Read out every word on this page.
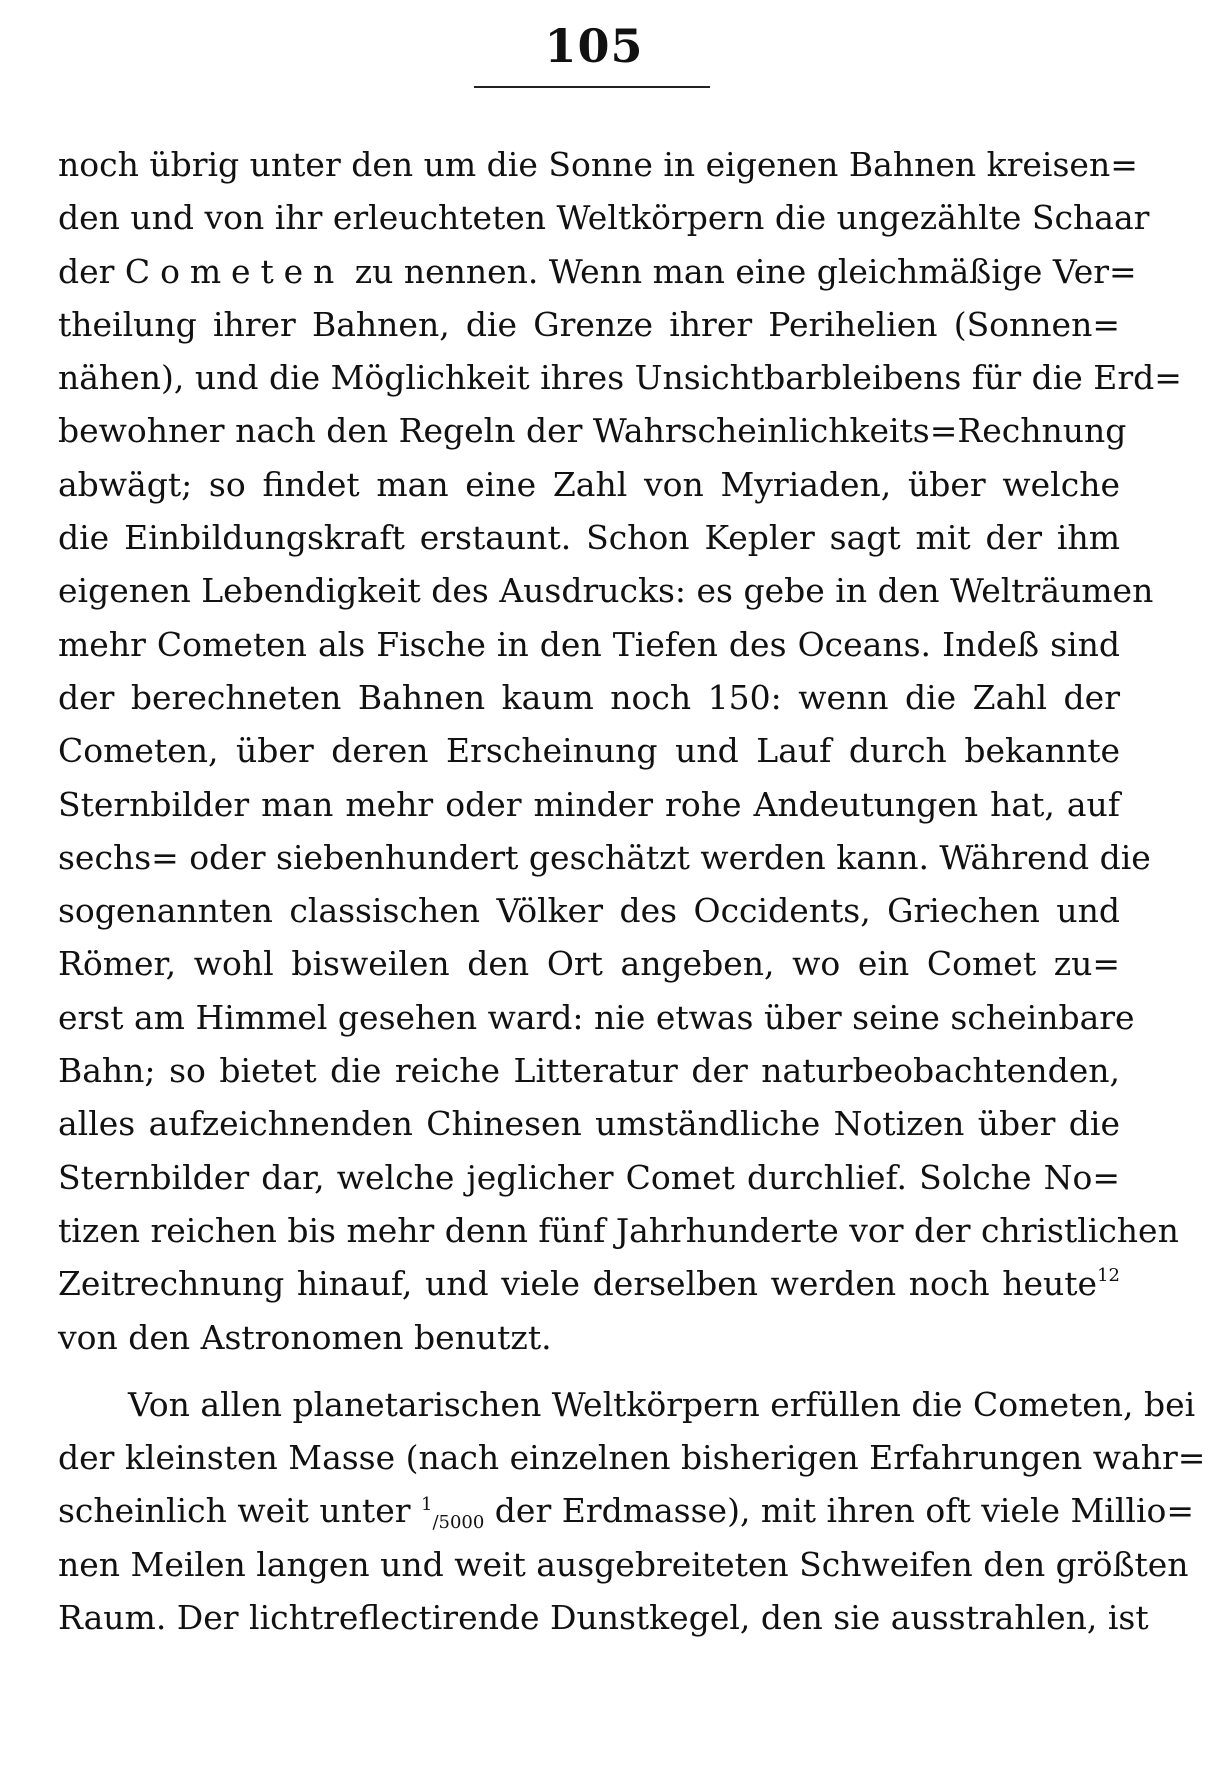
105
noch übrig unter den um die Sonne in eigenen Bahnen kreisen=
den und von ihr erleuchteten Weltkörpern die ungezählte Schaar
der Cometen zu nennen. Wenn man eine gleichmäßige Ver=
theilung ihrer Bahnen, die Grenze ihrer Perihelien (Sonnen=
nähen), und die Möglichkeit ihres Unsichtbarbleibens für die Erd=
bewohner nach den Regeln der Wahrscheinlichkeits=Rechnung
abwägt; so findet man eine Zahl von Myriaden, über welche
die Einbildungskraft erstaunt. Schon Kepler sagt mit der ihm
eigenen Lebendigkeit des Ausdrucks: es gebe in den Welträumen
mehr Cometen als Fische in den Tiefen des Oceans. Indeß sind
der berechneten Bahnen kaum noch 150: wenn die Zahl der
Cometen, über deren Erscheinung und Lauf durch bekannte
Sternbilder man mehr oder minder rohe Andeutungen hat, auf
sechs= oder siebenhundert geschätzt werden kann. Während die
sogenannten classischen Völker des Occidents, Griechen und
Römer, wohl bisweilen den Ort angeben, wo ein Comet zu=
erst am Himmel gesehen ward: nie etwas über seine scheinbare
Bahn; so bietet die reiche Litteratur der naturbeobachtenden,
alles aufzeichnenden Chinesen umständliche Notizen über die
Sternbilder dar, welche jeglicher Comet durchlief. Solche No=
tizen reichen bis mehr denn fünf Jahrhunderte vor der christlichen
Zeitrechnung hinauf, und viele derselben werden noch heute$^{12}$
von den Astronomen benutzt.
Von allen planetarischen Weltkörpern erfüllen die Cometen, bei
der kleinsten Masse (nach einzelnen bisherigen Erfahrungen wahr=
scheinlich weit unter $^1$/5000 der Erdmasse), mit ihren oft viele Millio=
nen Meilen langen und weit ausgebreiteten Schweifen den größten
Raum. Der lichtreflectirende Dunstkegel, den sie ausstrahlen, ist
